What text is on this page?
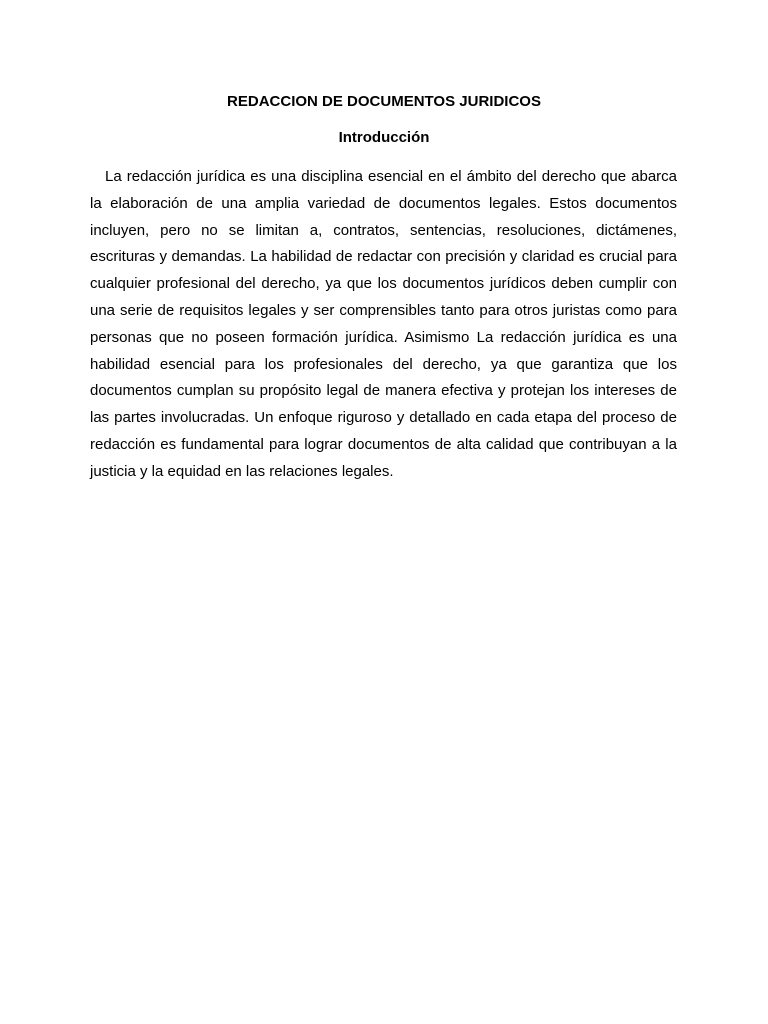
REDACCION DE DOCUMENTOS JURIDICOS
Introducción

La redacción jurídica es una disciplina esencial en el ámbito del derecho que abarca la elaboración de una amplia variedad de documentos legales. Estos documentos incluyen, pero no se limitan a, contratos, sentencias, resoluciones, dictámenes, escrituras y demandas. La habilidad de redactar con precisión y claridad es crucial para cualquier profesional del derecho, ya que los documentos jurídicos deben cumplir con una serie de requisitos legales y ser comprensibles tanto para otros juristas como para personas que no poseen formación jurídica. Asimismo La redacción jurídica es una habilidad esencial para los profesionales del derecho, ya que garantiza que los documentos cumplan su propósito legal de manera efectiva y protejan los intereses de las partes involucradas. Un enfoque riguroso y detallado en cada etapa del proceso de redacción es fundamental para lograr documentos de alta calidad que contribuyan a la justicia y la equidad en las relaciones legales.
